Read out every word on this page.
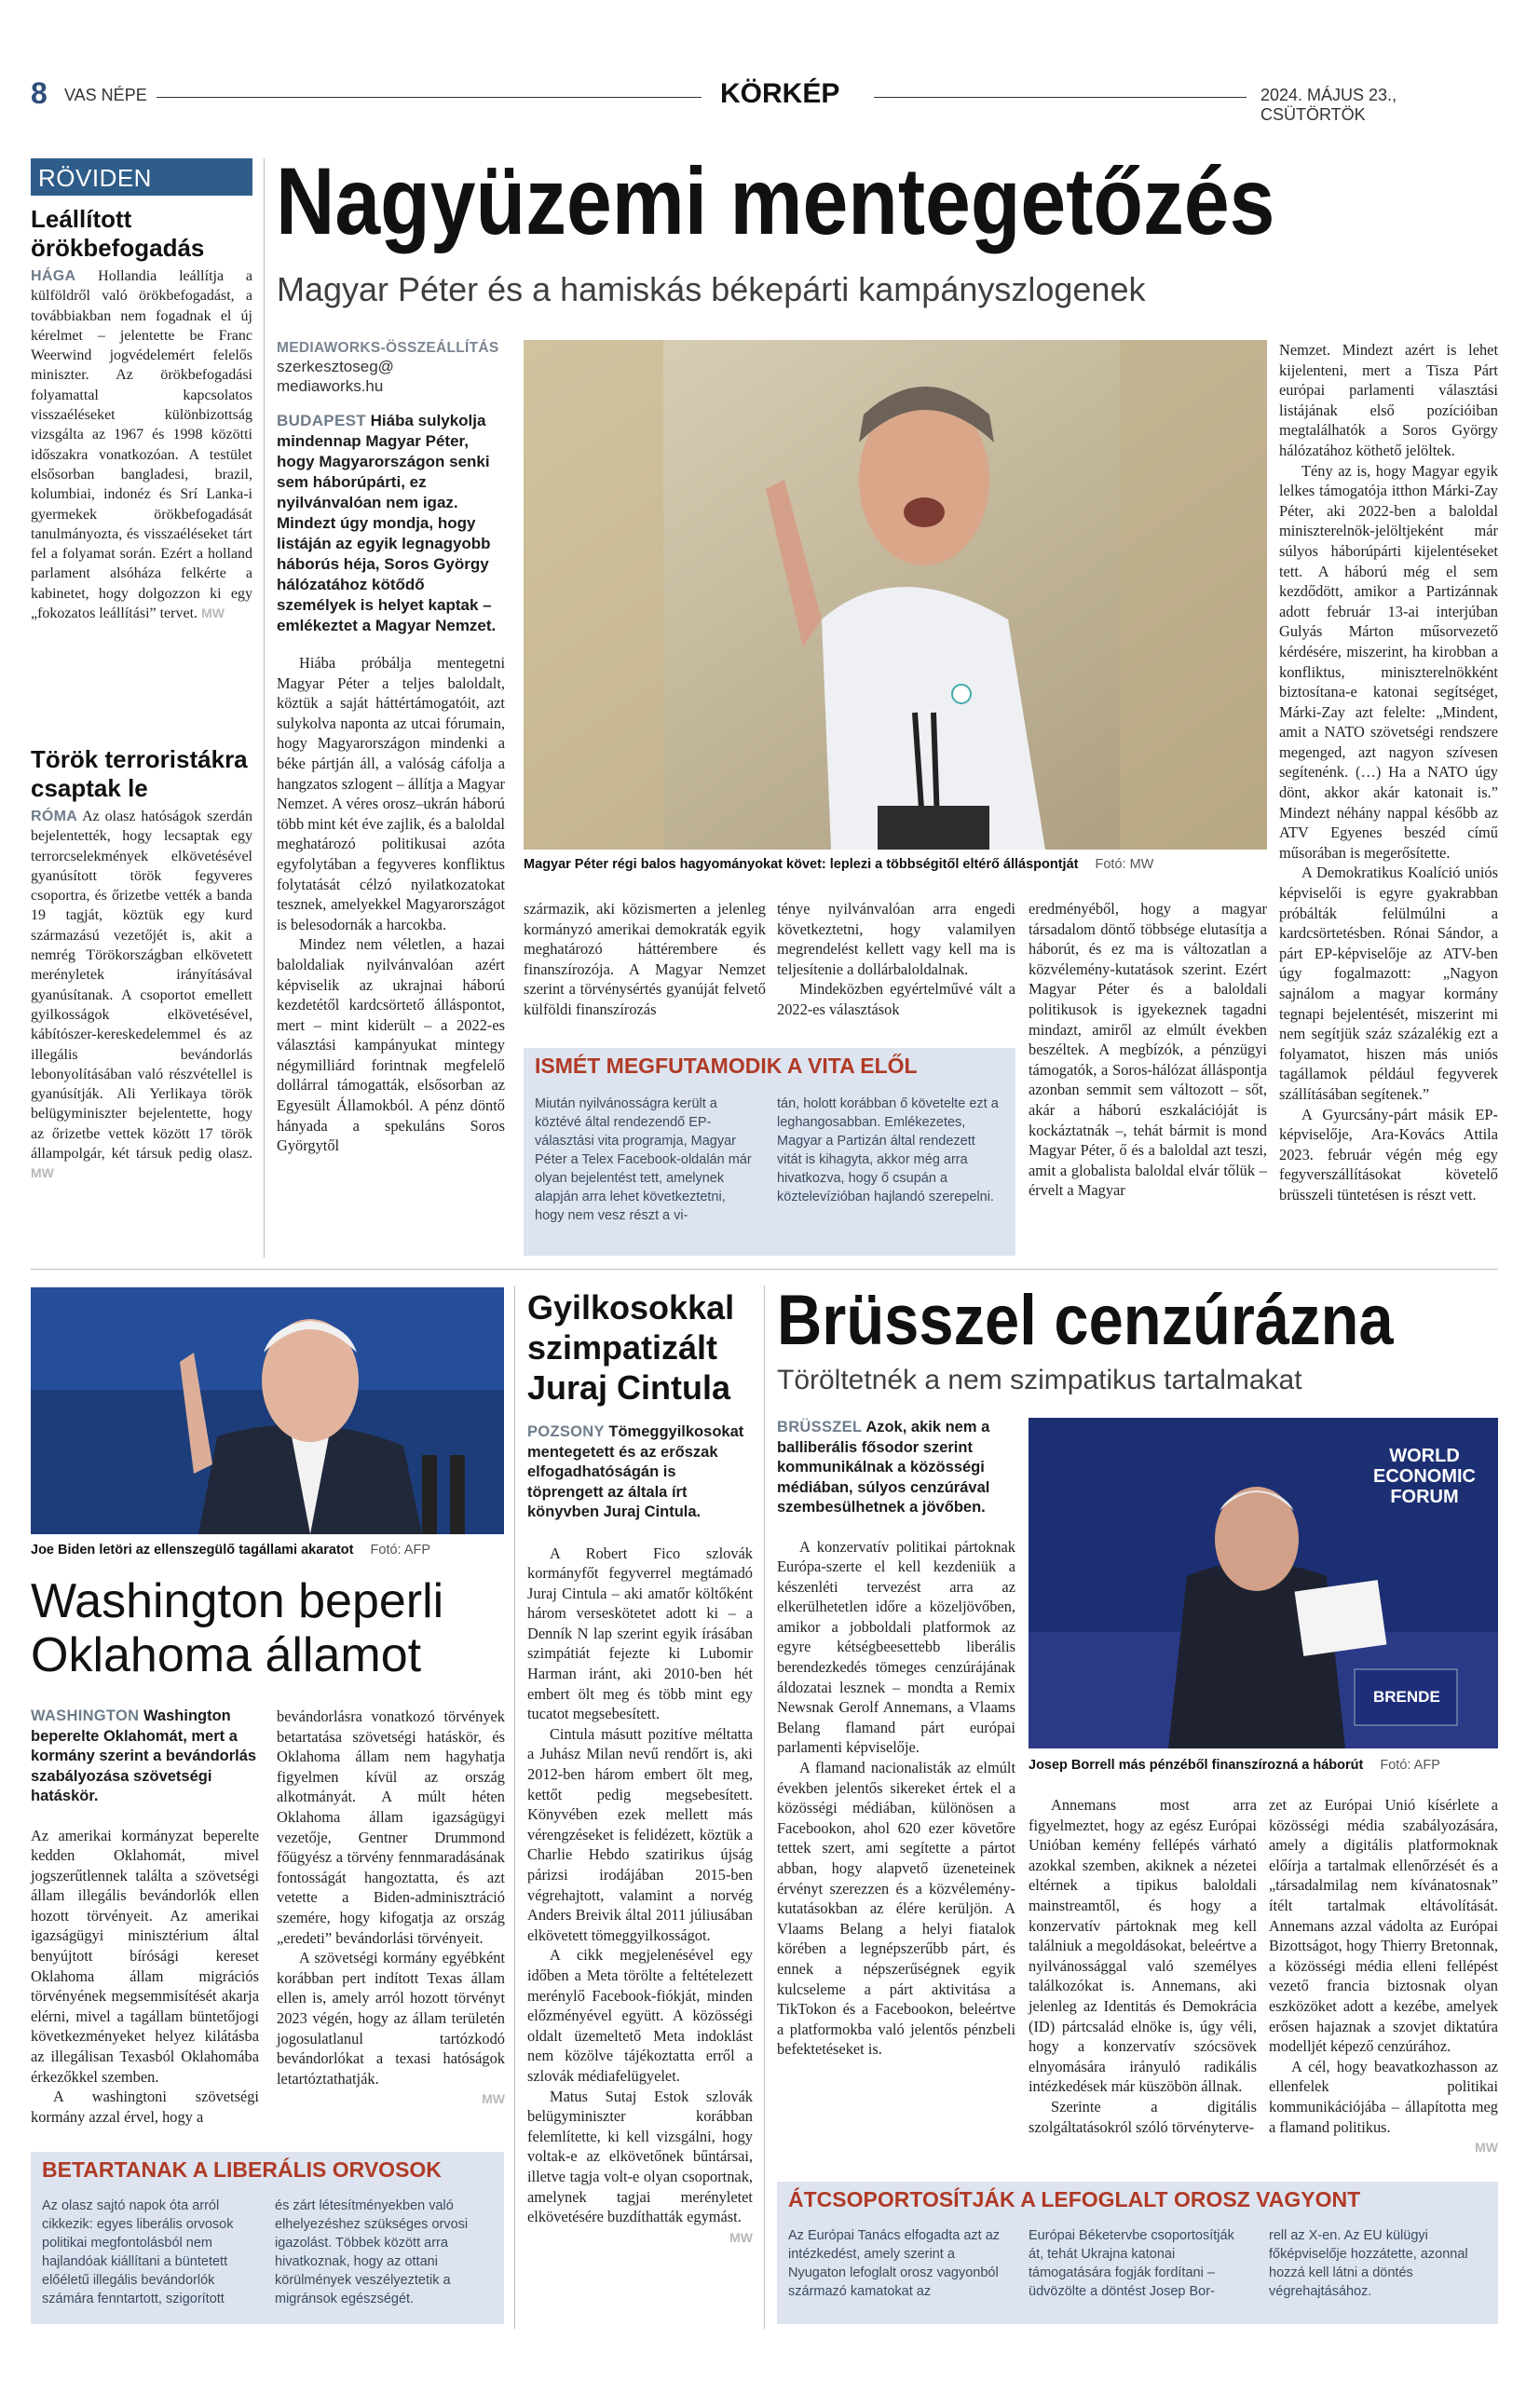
8 VAS NÉPE	KÖRKÉP	2024. MÁJUS 23., CSÜTÖRTÖK
RÖVIDEN
Leállított örökbefogadás
HÁGA Hollandia leállítja a külföldről való örökbefogadást, a továbbiakban nem fogadnak el új kérelmet – jelentette be Franc Weerwind jogvédelemért felelős miniszter. Az örökbefogadási folyamattal kapcsolatos visszaéléseket különbizottság vizsgálta az 1967 és 1998 közötti időszakra vonatkozóan. A testület elsősorban bangladesi, brazil, kolumbiai, indonéz és Srí Lanka-i gyermekek örökbefogadását tanulmányozta, és visszaéléseket tárt fel a folyamat során. Ezért a holland parlament alsóháza felkérte a kabinetet, hogy dolgozzon ki egy „fokozatos leállítási” tervet. MW
Török terroristákra csaptak le
RÓMA Az olasz hatóságok szerdán bejelentették, hogy lecsaptak egy terrorcselekmények elkövetésével gyanúsított török fegyveres csoportra, és őrizetbe vették a banda 19 tagját, köztük egy kurd származású vezetőjét is, akit a nemrég Törökországban elkövetett merényletek irányításával gyanúsítanak. A csoportot emellett gyilkosságok elkövetésével, kábítószer-kereskedelemmel és az illegális bevándorlás lebonyolításában való részvétellel is gyanúsítják. Ali Yerlikaya török belügyminiszter bejelentette, hogy az őrizetbe vettek között 17 török állampolgár, két társuk pedig olasz. MW
Nagyüzemi mentegetőzés
Magyar Péter és a hamiskás békepárti kampányszlogenek
MEDIAWORKS-ÖSSZEÁLLÍTÁS
szerkesztoseg@ mediaworks.hu
BUDAPEST Hiába sulykolja mindennap Magyar Péter, hogy Magyarországon senki sem háborúpárti, ez nyilvánvalóan nem igaz. Mindezt úgy mondja, hogy listáján az egyik legnagyobb háborús héja, Soros György hálózatához kötődő személyek is helyet kaptak – emlékeztet a Magyar Nemzet.

Hiába próbálja mentegetni Magyar Péter a teljes baloldalt, köztük a saját háttértámogatóit, azt sulykolva naponta az utcai fórumain, hogy Magyarországon mindenki a béke pártján áll, a valóság cáfolja a hangzatos szlogent – állítja a Magyar Nemzet. A véres orosz–ukrán háború több mint két éve zajlik, és a baloldal meghatározó politikusai azóta egyfolytában a fegyveres konfliktus folytatását célzó nyilatkozatokat tesznek, amelyekkel Magyarországot is belesodornák a harcokba.

Mindez nem véletlen, a hazai baloldaliak nyilvánvalóan azért képviselik az ukrajnai háború kezdetétől kardcsörtető álláspontot, mert – mint kiderült – a 2022-es választási kampányukat mintegy négymilliárd forintnak megfelelő dollárral támogatták, elsősorban az Egyesült Államokból. A pénz döntő hányada a spekuláns Soros Györgytől

Magyar Péter régi balos hagyományokat követ: leplezi a többségitől eltérő álláspontját Fotó: MW

származik, aki közismerten a jelenleg kormányzó amerikai demokraták egyik meghatározó háttérembere és finanszírozója. A Magyar Nemzet szerint a törvénysértés gyanúját felvető külföldi finanszírozás

ténye nyilvánvalóan arra engedi következtetni, hogy valamilyen megrendelést kellett vagy kell ma is teljesítenie a dollárbaloldalnak.

Mindeközben egyértelművé vált a 2022-es választások

ISMÉT MEGFUTAMODIK A VITA ELŐL
Miután nyilvánosságra került a köztévé által rendezendő EP-választási vita programja, Magyar Péter a Telex Facebook-oldalán már olyan bejelentést tett, amelynek alapján arra lehet következtetni, hogy nem vesz részt a vi-
tán, holott korábban ő követelte ezt a leghangosabban. Emlékezetes, Magyar a Partizán által rendezett vitát is kihagyta, akkor még arra hivatkozva, hogy ő csupán a köztelevízióban hajlandó szerepelni.

eredményéből, hogy a magyar társadalom döntő többsége elutasítja a háborút, és ez ma is változatlan a közvélemény-kutatások szerint. Ezért Magyar Péter és a baloldali politikusok is igyekeznek tagadni mindazt, amiről az elmúlt években beszéltek. A megbízók, a pénzügyi támogatók, a Soros-hálózat álláspontja azonban semmit sem változott – sőt, akár a háború eszkalációját is kockáztatnák –, tehát bármit is mond Magyar Péter, ő és a baloldal azt teszi, amit a globalista baloldal elvár tőlük – érvelt a Magyar

Nemzet. Mindezt azért is lehet kijelenteni, mert a Tisza Párt európai parlamenti választási listájának első pozícióiban megtalálhatók a Soros György hálózatához köthető jelöltek.

Tény az is, hogy Magyar egyik lelkes támogatója itthon Márki-Zay Péter, aki 2022-ben a baloldal miniszterelnök-jelöltjeként már súlyos háborúpárti kijelentéseket tett. A háború még el sem kezdődött, amikor a Partizánnak adott február 13-ai interjúban Gulyás Márton műsorvezető kérdésére, miszerint, ha kirobban a konfliktus, miniszterelnökként biztosítana-e katonai segítséget, Márki-Zay azt felelte: „Mindent, amit a NATO szövetségi rendszere megenged, azt nagyon szívesen segítenénk. (…) Ha a NATO úgy dönt, akkor akár katonait is.” Mindezt néhány nappal később az ATV Egyenes beszéd című műsorában is megerősítette.

A Demokratikus Koalíció uniós képviselői is egyre gyakrabban próbálták felülmúlni a kardcsörtetésben. Rónai Sándor, a párt EP-képviselője az ATV-ben úgy fogalmazott: „Nagyon sajnálom a magyar kormány tegnapi bejelentését, miszerint mi nem segítjük száz százalékig ezt a folyamatot, hiszen más uniós tagállamok például fegyverek szállításában segítenek.”

A Gyurcsány-párt másik EP-képviselője, Ara-Kovács Attila 2023. február végén még egy fegyverszállításokat követelő brüsszeli tüntetésen is részt vett.

Joe Biden letöri az ellenszegülő tagállami akaratot Fotó: AFP
Washington beperli Oklahoma államot
WASHINGTON Washington beperelte Oklahomát, mert a kormány szerint a bevándorlás szabályozása szövetségi hatáskör.

Az amerikai kormányzat beperelte kedden Oklahomát, mivel jogszerűtlennek találta a szövetségi állam illegális bevándorlók ellen hozott törvényeit. Az amerikai igazságügyi minisztérium által benyújtott bírósági kereset Oklahoma állam migrációs törvényének megsemmisítését akarja elérni, mivel a tagállam büntetőjogi következményeket helyez kilátásba az illegálisan Texasból Oklahomába érkezőkkel szemben.

A washingtoni szövetségi kormány azzal érvel, hogy a

bevándorlásra vonatkozó törvények betartatása szövetségi hatáskör, és Oklahoma állam nem hagyhatja figyelmen kívül az ország alkotmányát. A múlt héten Oklahoma állam igazságügyi vezetője, Gentner Drummond főügyész a törvény fennmaradásának fontosságát hangoztatta, és azt vetette a Biden-adminisztráció szemére, hogy kifogatja az ország „eredeti” bevándorlási törvényeit.

A szövetségi kormány egyébként korábban pert indított Texas állam ellen is, amely arról hozott törvényt 2023 végén, hogy az állam területén jogosulatlanul tartózkodó bevándorlókat a texasi hatóságok letartóztathatják.

MW
BETARTANAK A LIBERÁLIS ORVOSOK
Az olasz sajtó napok óta arról cikkezik: egyes liberális orvosok politikai megfontolásból nem hajlandóak kiállítani a büntetett előéletű illegális bevándorlók számára fenntartott, szigorított
és zárt létesítményekben való elhelyezéshez szükséges orvosi igazolást. Többek között arra hivatkoznak, hogy az ottani körülmények veszélyeztetik a migránsok egészségét.
Gyilkosokkal szimpatizált Juraj Cintula
POZSONY Tömeggyilkosokat mentegetett és az erőszak elfogadhatóságán is töprengett az általa írt könyvben Juraj Cintula.

A Robert Fico szlovák kormányfőt fegyverrel megtámadó Juraj Cintula – aki amatőr költőként három verseskötetet adott ki – a Denník N lap szerint egyik írásában szimpátiát fejezte ki Lubomir Harman iránt, aki 2010-ben hét embert ölt meg és több mint egy tucatot megsebesített.

Cintula másutt pozitíve méltatta a Juhász Milan nevű rendőrt is, aki 2012-ben három embert ölt meg, kettőt pedig megsebesített. Könyvében ezek mellett más vérengzéseket is felidézett, köztük a Charlie Hebdo szatirikus újság párizsi irodájában 2015-ben végrehajtott, valamint a norvég Anders Breivik által 2011 júliusában elkövetett tömeggyilkosságot.

A cikk megjelenésével egy időben a Meta törölte a feltételezett merénylő Facebook-fiókját, minden előzményével együtt. A közösségi oldalt üzemeltető Meta indoklást nem közölve tájékoztatta erről a szlovák médiafelügyelet.

Matus Sutaj Estok szlovák belügyminiszter korábban felemlítette, ki kell vizsgálni, hogy voltak-e az elkövetőnek bűntársai, illetve tagja volt-e olyan csoportnak, amelynek tagjai merényletet elkövetésére buzdíthatták egymást.

MW
Brüsszel cenzúrázna
Töröltetnék a nem szimpatikus tartalmakat
BRÜSSZEL Azok, akik nem a balliberális fősodor szerint kommunikálnak a közösségi médiában, súlyos cenzúrával szembesülhetnek a jövőben.

A konzervatív politikai pártoknak Európa-szerte el kell kezdeniük a készenléti tervezést arra az elkerülhetetlen időre a közeljövőben, amikor a jobboldali platformok az egyre kétségbeesettebb liberális berendezkedés tömeges cenzúrájának áldozatai lesznek – mondta a Remix Newsnak Gerolf Annemans, a Vlaams Belang flamand párt európai parlamenti képviselője.

A flamand nacionalisták az elmúlt években jelentős sikereket értek el a közösségi médiában, különösen a Facebookon, ahol 620 ezer követőre tettek szert, ami segítette a pártot abban, hogy alapvető üzeneteinek érvényt szerezzen és a közvélemény-kutatásokban az élére kerüljön. A Vlaams Belang a helyi fiatalok körében a legnépszerűbb párt, és ennek a népszerűségnek egyik kulcseleme a párt aktivitása a TikTokon és a Facebookon, beleértve a platformokba való jelentős pénzbeli befektetéseket is.

WORLD
ECONOMIC
FORUM
BRENDE
Josep Borrell más pénzéből finanszírozná a háborút Fotó: AFP

Annemans most arra figyelmeztet, hogy az egész Európai Unióban kemény fellépés várható azokkal szemben, akiknek a nézetei eltérnek a tipikus baloldali mainstreamtől, és hogy a konzervatív pártoknak meg kell találniuk a megoldásokat, beleértve a nyilvánossággal való személyes találkozókat is. Annemans, aki jelenleg az Identitás és Demokrácia (ID) pártcsalád elnöke is, úgy véli, hogy a konzervatív szócsövek elnyomására irányuló radikális intézkedések már küszöbön állnak.

Szerinte a digitális szolgáltatásokról szóló törvényterve-

zet az Európai Unió kísérlete a közösségi média szabályozására, amely a digitális platformoknak előírja a tartalmak ellenőrzését és a „társadalmilag nem kívánatosnak” ítélt tartalmak eltávolítását. Annemans azzal vádolta az Európai Bizottságot, hogy Thierry Bretonnak, a közösségi média elleni fellépést vezető francia biztosnak olyan eszközöket adott a kezébe, amelyek erősen hajaznak a szovjet diktatúra modelljét képező cenzúrához.

A cél, hogy beavatkozhasson az ellenfelek politikai kommunikációjába – állapította meg a flamand politikus.

MW
ÁTCSOPORTOSÍTJÁK A LEFOGLALT OROSZ VAGYONT
Az Európai Tanács elfogadta azt az intézkedést, amely szerint a Nyugaton lefoglalt orosz vagyonból származó kamatokat az
Európai Béketervbe csoportosítják át, tehát Ukrajna katonai támogatására fogják fordítani – üdvözölte a döntést Josep Bor-
rell az X-en. Az EU külügyi főképviselője hozzátette, azonnal hozzá kell látni a döntés végrehajtásához.
